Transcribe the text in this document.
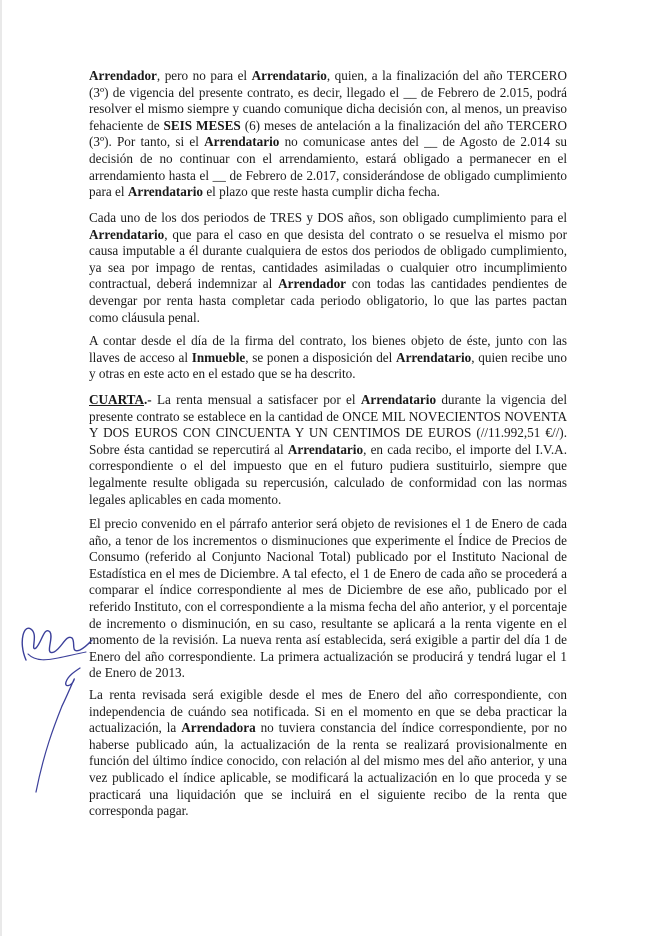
Arrendador, pero no para el Arrendatario, quien, a la finalización del año TERCERO (3º) de vigencia del presente contrato, es decir, llegado el __ de Febrero de 2.015, podrá resolver el mismo siempre y cuando comunique dicha decisión con, al menos, un preaviso fehaciente de SEIS MESES (6) meses de antelación a la finalización del año TERCERO (3º). Por tanto, si el Arrendatario no comunicase antes del __ de Agosto de 2.014 su decisión de no continuar con el arrendamiento, estará obligado a permanecer en el arrendamiento hasta el __ de Febrero de 2.017, considerándose de obligado cumplimiento para el Arrendatario el plazo que reste hasta cumplir dicha fecha.

Cada uno de los dos periodos de TRES y DOS años, son obligado cumplimiento para el Arrendatario, que para el caso en que desista del contrato o se resuelva el mismo por causa imputable a él durante cualquiera de estos dos periodos de obligado cumplimiento, ya sea por impago de rentas, cantidades asimiladas o cualquier otro incumplimiento contractual, deberá indemnizar al Arrendador con todas las cantidades pendientes de devengar por renta hasta completar cada periodo obligatorio, lo que las partes pactan como cláusula penal.

A contar desde el día de la firma del contrato, los bienes objeto de éste, junto con las llaves de acceso al Inmueble, se ponen a disposición del Arrendatario, quien recibe uno y otras en este acto en el estado que se ha descrito.

CUARTA.- La renta mensual a satisfacer por el Arrendatario durante la vigencia del presente contrato se establece en la cantidad de ONCE MIL NOVECIENTOS NOVENTA Y DOS EUROS CON CINCUENTA Y UN CENTIMOS DE EUROS (//11.992,51 €//). Sobre ésta cantidad se repercutirá al Arrendatario, en cada recibo, el importe del I.V.A. correspondiente o el del impuesto que en el futuro pudiera sustituirlo, siempre que legalmente resulte obligada su repercusión, calculado de conformidad con las normas legales aplicables en cada momento.

El precio convenido en el párrafo anterior será objeto de revisiones el 1 de Enero de cada año, a tenor de los incrementos o disminuciones que experimente el Índice de Precios de Consumo (referido al Conjunto Nacional Total) publicado por el Instituto Nacional de Estadística en el mes de Diciembre. A tal efecto, el 1 de Enero de cada año se procederá a comparar el índice correspondiente al mes de Diciembre de ese año, publicado por el referido Instituto, con el correspondiente a la misma fecha del año anterior, y el porcentaje de incremento o disminución, en su caso, resultante se aplicará a la renta vigente en el momento de la revisión. La nueva renta así establecida, será exigible a partir del día 1 de Enero del año correspondiente. La primera actualización se producirá y tendrá lugar el 1 de Enero de 2013.

La renta revisada será exigible desde el mes de Enero del año correspondiente, con independencia de cuándo sea notificada. Si en el momento en que se deba practicar la actualización, la Arrendadora no tuviera constancia del índice correspondiente, por no haberse publicado aún, la actualización de la renta se realizará provisionalmente en función del último índice conocido, con relación al del mismo mes del año anterior, y una vez publicado el índice aplicable, se modificará la actualización en lo que proceda y se practicará una liquidación que se incluirá en el siguiente recibo de la renta que corresponda pagar.
